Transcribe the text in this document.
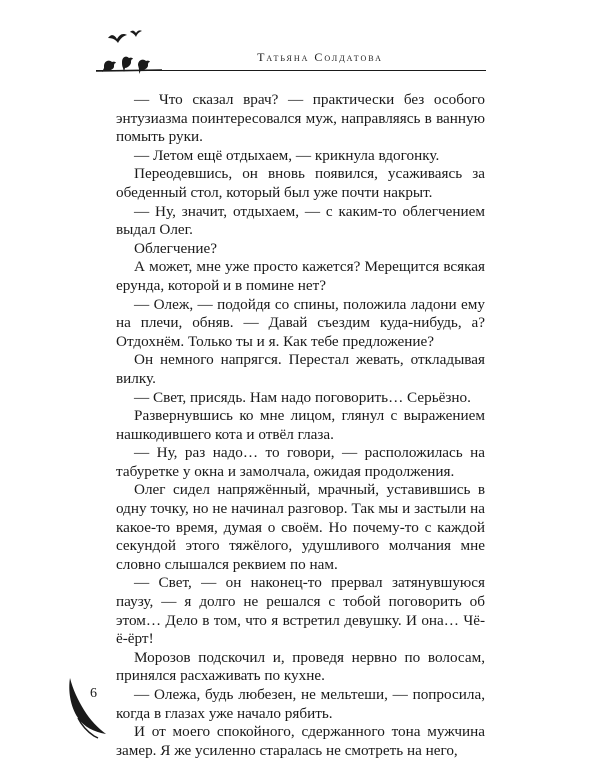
Татьяна Солдатова

— Что сказал врач? — практически без особого энтузиазма поинтересовался муж, направляясь в ванную помыть руки.

— Летом ещё отдыхаем, — крикнула вдогонку.

Переодевшись, он вновь появился, усаживаясь за обеденный стол, который был уже почти накрыт.

— Ну, значит, отдыхаем, — с каким-то облегчением выдал Олег.

Облегчение?

А может, мне уже просто кажется? Мерещится всякая ерунда, которой и в помине нет?

— Олеж, — подойдя со спины, положила ладони ему на плечи, обняв. — Давай съездим куда-нибудь, а? Отдохнём. Только ты и я. Как тебе предложение?

Он немного напрягся. Перестал жевать, откладывая вилку.

— Свет, присядь. Нам надо поговорить… Серьёзно.

Развернувшись ко мне лицом, глянул с выражением нашкодившего кота и отвёл глаза.

— Ну, раз надо… то говори, — расположилась на табуретке у окна и замолчала, ожидая продолжения.

Олег сидел напряжённый, мрачный, уставившись в одну точку, но не начинал разговор. Так мы и застыли на какое-то время, думая о своём. Но почему-то с каждой секундой этого тяжёлого, удушливого молчания мне словно слышался реквием по нам.

— Свет, — он наконец-то прервал затянувшуюся паузу, — я долго не решался с тобой поговорить об этом… Дело в том, что я встретил девушку. И она… Чё-ё-ёрт!

Морозов подскочил и, проведя нервно по волосам, принялся расхаживать по кухне.

— Олежа, будь любезен, не мельтеши, — попросила, когда в глазах уже начало рябить.

И от моего спокойного, сдержанного тона мужчина замер. Я же усиленно старалась не смотреть на него,

6
